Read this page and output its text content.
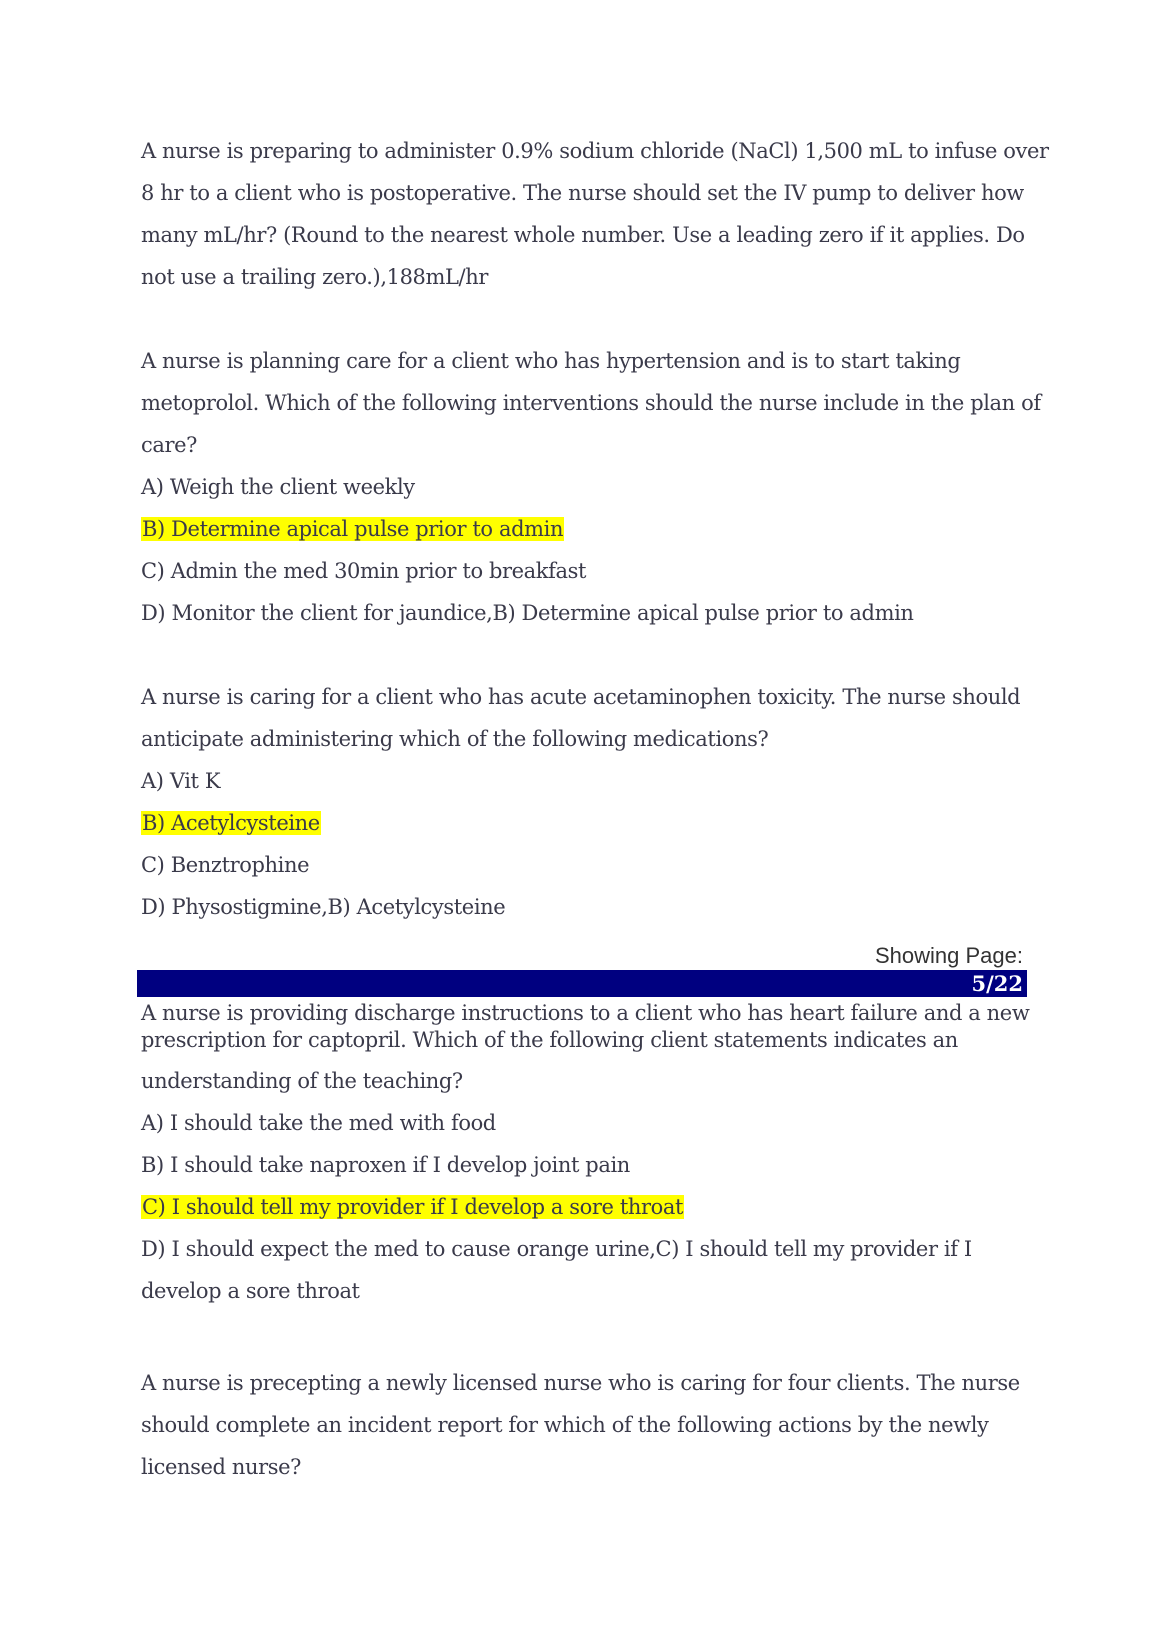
A nurse is preparing to administer 0.9% sodium chloride (NaCl) 1,500 mL to infuse over
8 hr to a client who is postoperative. The nurse should set the IV pump to deliver how
many mL/hr? (Round to the nearest whole number. Use a leading zero if it applies. Do
not use a trailing zero.),188mL/hr
A nurse is planning care for a client who has hypertension and is to start taking
metoprolol. Which of the following interventions should the nurse include in the plan of
care?
A) Weigh the client weekly
B) Determine apical pulse prior to admin
C) Admin the med 30min prior to breakfast
D) Monitor the client for jaundice,B) Determine apical pulse prior to admin
A nurse is caring for a client who has acute acetaminophen toxicity. The nurse should
anticipate administering which of the following medications?
A) Vit K
B) Acetylcysteine
C) Benztrophine
D) Physostigmine,B) Acetylcysteine
Showing Page:
5/22
A nurse is providing discharge instructions to a client who has heart failure and a new
prescription for captopril. Which of the following client statements indicates an
understanding of the teaching?
A) I should take the med with food
B) I should take naproxen if I develop joint pain
C) I should tell my provider if I develop a sore throat
D) I should expect the med to cause orange urine,C) I should tell my provider if I
develop a sore throat
A nurse is precepting a newly licensed nurse who is caring for four clients. The nurse
should complete an incident report for which of the following actions by the newly
licensed nurse?
